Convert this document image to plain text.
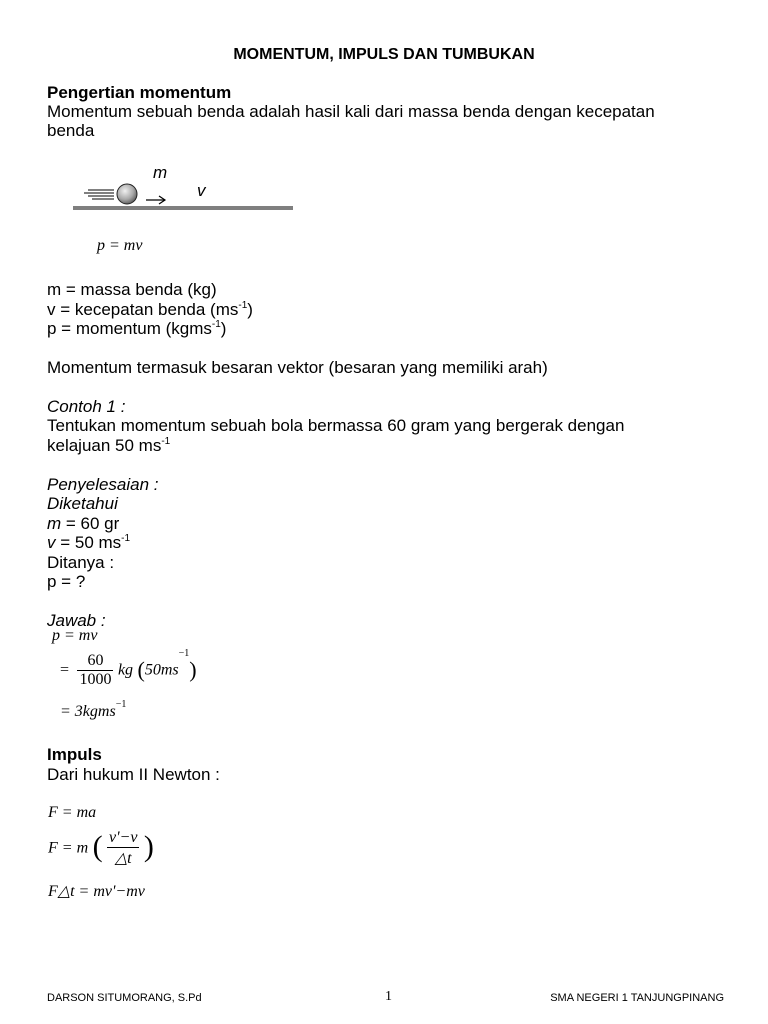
MOMENTUM, IMPULS DAN TUMBUKAN
Pengertian momentum
Momentum sebuah benda adalah hasil kali dari massa benda dengan kecepatan
benda
m
v
p = mv
m = massa benda (kg)
v = kecepatan benda $(ms^{-1})$
p = momentum (kgms$^{-1}$)
Momentum termasuk besaran vektor (besaran yang memiliki arah)
Contoh 1 :
Tentukan momentum sebuah bola bermassa 60 gram yang bergerak dengan
kelajuan 50 $ms^{-1}$
Penyelesaian :
Diketahui
m = 60 gr
v = 50 $ms^{-1}$
Ditanya :
p = ?
Jawab :
p = mv
= $\frac{60}{1000}$ kg $(50ms^{-1})$
= 3kgms$^{-1}$
Impuls
Dari hukum II Newton :
F = ma
F = m ( $\frac{v'-v}{\triangle t}$ )
F△t = mv'−mv
DARSON SITUMORANG, S.Pd	1	SMA NEGERI 1 TANJUNGPINANG
